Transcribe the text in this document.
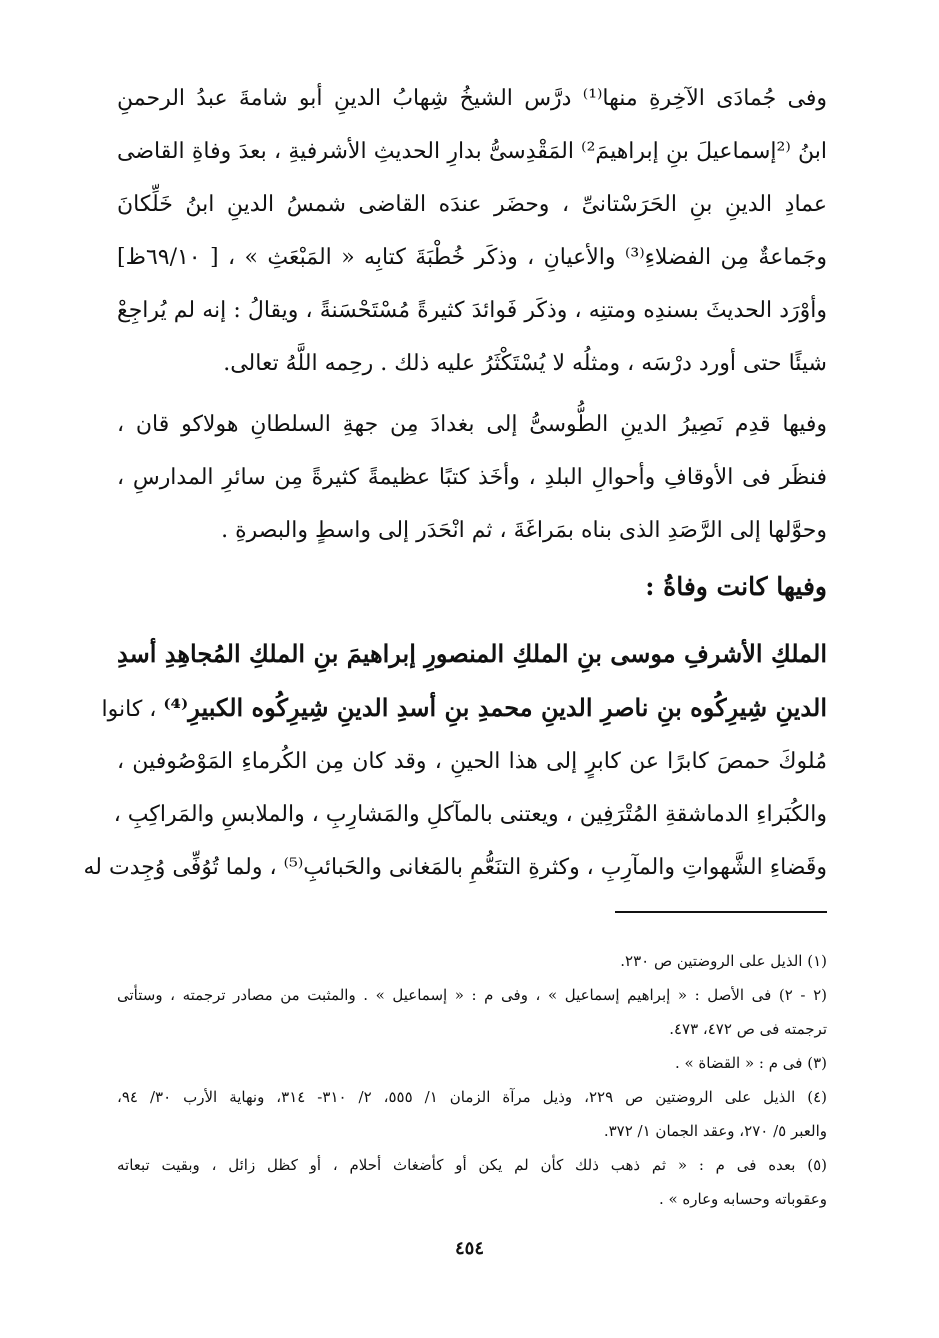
وفى جُمادَى الآخِرةِ منها⁽¹⁾ درَّس الشيخُ شِهابُ الدينِ أبو شامةَ عبدُ الرحمنِ
ابنُ ⁽²إسماعيلَ بنِ إبراهيمَ²⁾ المَقْدِسىُّ بدارِ الحديثِ الأشرفيةِ ، بعدَ وفاةِ القاضى
عمادِ الدينِ بنِ الحَرَسْتانىِّ ، وحضَر عندَه القاضى شمسُ الدينِ ابنُ خَلِّكانَ
وجَماعةٌ مِن الفضلاءِ⁽³⁾ والأعيانِ ، وذكَر خُطْبَةَ كتابِه « المَبْعَثِ » ، [ ٦٩/١٠ظ]
وأوْرَد الحديثَ بسندِه ومتنِه ، وذكَر فَوائدَ كثيرةً مُسْتَحْسَنةً ، ويقالُ : إنه لم يُراجِعْ
شيئًا حتى أورد درْسَه ، ومثلُه لا يُسْتَكْثَرُ عليه ذلك . رحِمه اللَّهُ تعالى.
وفيها قدِم نَصِيرُ الدينِ الطُّوسىُّ إلى بغدادَ مِن جهةِ السلطانِ هولاكو قان ،
فنظَر فى الأوقافِ وأحوالِ البلدِ ، وأخَذ كتبًا عظيمةً كثيرةً مِن سائرِ المدارسِ ،
وحوَّلها إلى الرَّصَدِ الذى بناه بمَراغَةَ ، ثم انْحَدَر إلى واسطٍ والبصرةِ .
وفيها كانت وفاةُ :
الملكِ الأشرفِ موسى بنِ الملكِ المنصورِ إبراهيمَ بنِ الملكِ المُجاهِدِ أسدِ
الدينِ شِيرِكُوه بنِ ناصرِ الدينِ محمدِ بنِ أسدِ الدينِ شِيرِكُوه الكبيرِ⁽⁴⁾ ، كانوا
مُلوكَ حمصَ كابرًا عن كابرٍ إلى هذا الحينِ ، وقد كان مِن الكُرماءِ المَوْصُوفين ،
والكُبَراءِ الدماشقةِ المُتْرَفِين ، ويعتنى بالمآكلِ والمَشارِبِ ، والملابسِ والمَراكِبِ ،
وقَضاءِ الشَّهواتِ والمآرِبِ ، وكثرةِ التنَعُّمِ بالمَغانى والحَبائبِ⁽⁵⁾ ، ولما تُوُفِّى وُجِدت له
(١) الذيل على الروضتين ص ٢٣٠.
(٢ - ٢) فى الأصل : « إبراهيم إسماعيل » ، وفى م : « إسماعيل » . والمثبت من مصادر ترجمته ، وستأتى
ترجمته فى ص ٤٧٢، ٤٧٣.
(٣) فى م : « القضاة » .
(٤) الذيل على الروضتين ص ٢٢٩، وذيل مرآة الزمان ١/ ٥٥٥، ٢/ ٣١٠- ٣١٤، ونهاية الأرب ٣٠/ ٩٤،
والعبر ٥/ ٢٧٠، وعقد الجمان ١/ ٣٧٢.
(٥) بعده فى م : « ثم ذهب ذلك كأن لم يكن أو كأضغاث أحلام ، أو كظل زائل ، وبقيت تبعاته
وعقوباته وحسابه وعاره » .
٤٥٤
